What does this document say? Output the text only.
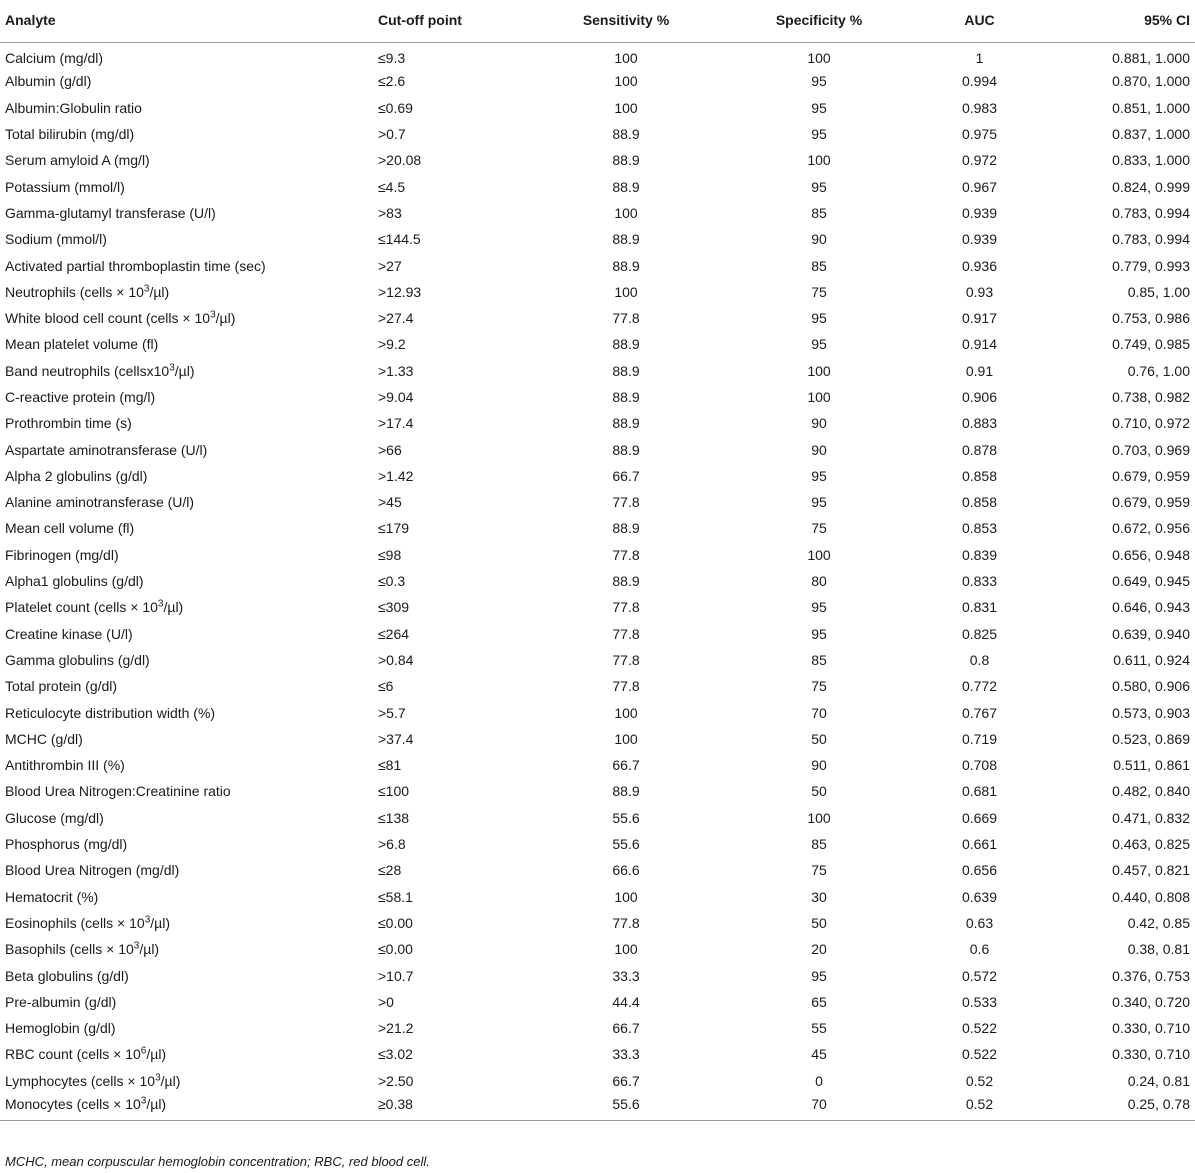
Analyte	Cut-off point	Sensitivity %	Specificity %	AUC	95% CI
Calcium (mg/dl)	≤9.3	100	100	1	0.881, 1.000
Albumin (g/dl)	≤2.6	100	95	0.994	0.870, 1.000
Albumin:Globulin ratio	≤0.69	100	95	0.983	0.851, 1.000
Total bilirubin (mg/dl)	>0.7	88.9	95	0.975	0.837, 1.000
Serum amyloid A (mg/l)	>20.08	88.9	100	0.972	0.833, 1.000
Potassium (mmol/l)	≤4.5	88.9	95	0.967	0.824, 0.999
Gamma-glutamyl transferase (U/l)	>83	100	85	0.939	0.783, 0.994
Sodium (mmol/l)	≤144.5	88.9	90	0.939	0.783, 0.994
Activated partial thromboplastin time (sec)	>27	88.9	85	0.936	0.779, 0.993
Neutrophils (cells × $10^3/\mu l$)	>12.93	100	75	0.93	0.85, 1.00
White blood cell count (cells × $10^3/\mu l$)	>27.4	77.8	95	0.917	0.753, 0.986
Mean platelet volume (fl)	>9.2	88.9	95	0.914	0.749, 0.985
Band neutrophils $(cellsx10^3/\mu l)$	>1.33	88.9	100	0.91	0.76, 1.00
C-reactive protein (mg/l)	>9.04	88.9	100	0.906	0.738, 0.982
Prothrombin time (s)	>17.4	88.9	90	0.883	0.710, 0.972
Aspartate aminotransferase (U/l)	>66	88.9	90	0.878	0.703, 0.969
Alpha 2 globulins (g/dl)	>1.42	66.7	95	0.858	0.679, 0.959
Alanine aminotransferase (U/l)	>45	77.8	95	0.858	0.679, 0.959
Mean cell volume (fl)	≤179	88.9	75	0.853	0.672, 0.956
Fibrinogen (mg/dl)	≤98	77.8	100	0.839	0.656, 0.948
Alpha1 globulins (g/dl)	≤0.3	88.9	80	0.833	0.649, 0.945
Platelet count (cells × $10^3/\mu l$)	≤309	77.8	95	0.831	0.646, 0.943
Creatine kinase (U/l)	≤264	77.8	95	0.825	0.639, 0.940
Gamma globulins (g/dl)	>0.84	77.8	85	0.8	0.611, 0.924
Total protein (g/dl)	≤6	77.8	75	0.772	0.580, 0.906
Reticulocyte distribution width (%)	>5.7	100	70	0.767	0.573, 0.903
MCHC (g/dl)	>37.4	100	50	0.719	0.523, 0.869
Antithrombin III (%)	≤81	66.7	90	0.708	0.511, 0.861
Blood Urea Nitrogen:Creatinine ratio	≤100	88.9	50	0.681	0.482, 0.840
Glucose (mg/dl)	≤138	55.6	100	0.669	0.471, 0.832
Phosphorus (mg/dl)	>6.8	55.6	85	0.661	0.463, 0.825
Blood Urea Nitrogen (mg/dl)	≤28	66.6	75	0.656	0.457, 0.821
Hematocrit (%)	≤58.1	100	30	0.639	0.440, 0.808
Eosinophils (cells × $10^3/\mu l$)	≤0.00	77.8	50	0.63	0.42, 0.85
Basophils (cells × $10^3/\mu l$)	≤0.00	100	20	0.6	0.38, 0.81
Beta globulins (g/dl)	>10.7	33.3	95	0.572	0.376, 0.753
Pre-albumin (g/dl)	>0	44.4	65	0.533	0.340, 0.720
Hemoglobin (g/dl)	>21.2	66.7	55	0.522	0.330, 0.710
RBC count (cells × $10^6/\mu l$)	≤3.02	33.3	45	0.522	0.330, 0.710
Lymphocytes (cells × $10^3/\mu l$)	>2.50	66.7	0	0.52	0.24, 0.81
Monocytes (cells × $10^3/\mu l$)	≥0.38	55.6	70	0.52	0.25, 0.78
MCHC, mean corpuscular hemoglobin concentration; RBC, red blood cell.
